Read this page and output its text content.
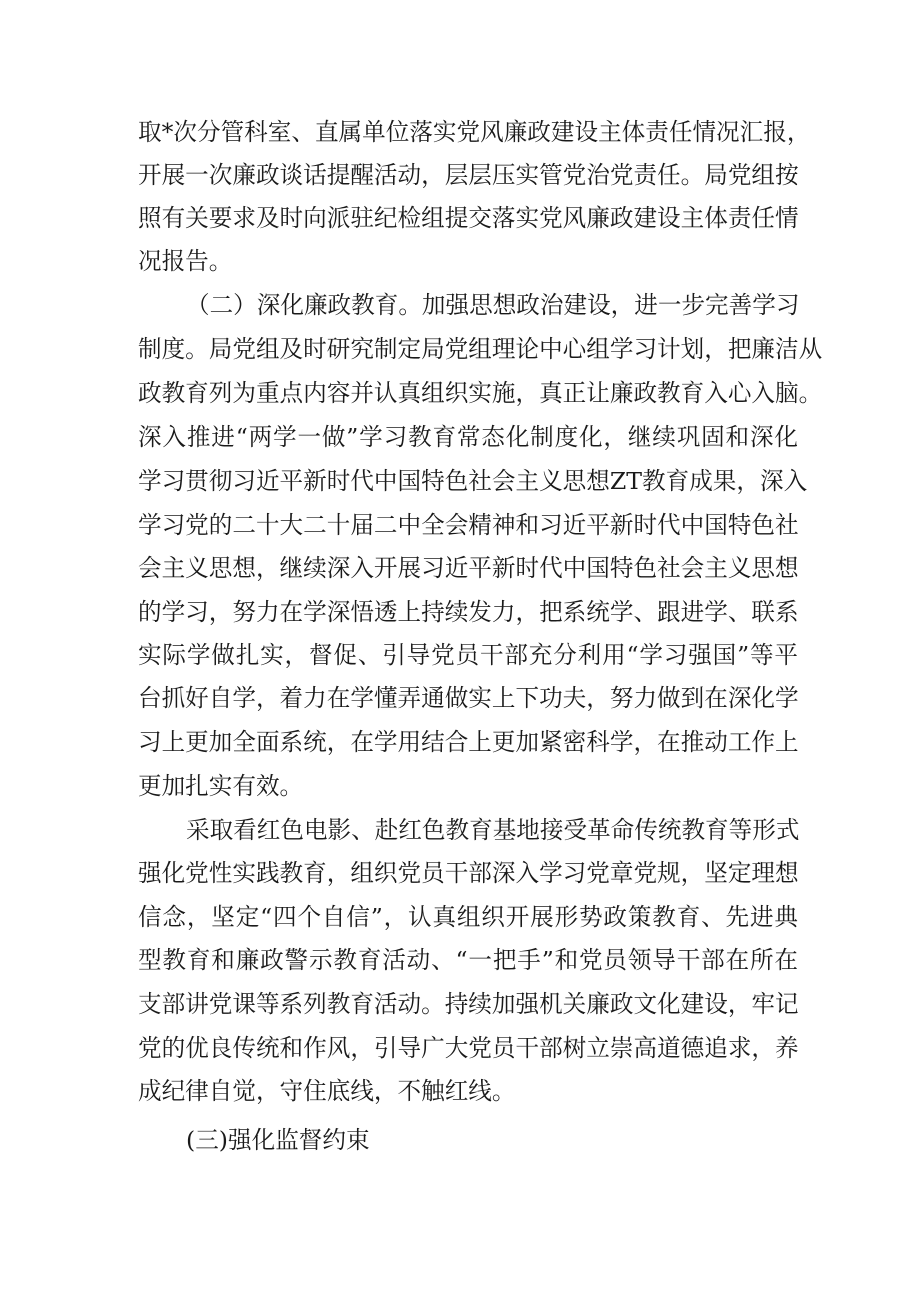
取*次分管科室、直属单位落实党风廉政建设主体责任情况汇报，
开展一次廉政谈话提醒活动，层层压实管党治党责任。局党组按
照有关要求及时向派驻纪检组提交落实党风廉政建设主体责任情
况报告。
（二）深化廉政教育。加强思想政治建设，进一步完善学习
制度。局党组及时研究制定局党组理论中心组学习计划，把廉洁从
政教育列为重点内容并认真组织实施，真正让廉政教育入心入脑。
深入推进“两学一做”学习教育常态化制度化，继续巩固和深化
学习贯彻习近平新时代中国特色社会主义思想ZT教育成果，深入
学习党的二十大二十届二中全会精神和习近平新时代中国特色社
会主义思想，继续深入开展习近平新时代中国特色社会主义思想
的学习，努力在学深悟透上持续发力，把系统学、跟进学、联系
实际学做扎实，督促、引导党员干部充分利用“学习强国”等平
台抓好自学，着力在学懂弄通做实上下功夫，努力做到在深化学
习上更加全面系统，在学用结合上更加紧密科学，在推动工作上
更加扎实有效。
采取看红色电影、赴红色教育基地接受革命传统教育等形式
强化党性实践教育，组织党员干部深入学习党章党规，坚定理想
信念，坚定“四个自信”，认真组织开展形势政策教育、先进典
型教育和廉政警示教育活动、“一把手”和党员领导干部在所在
支部讲党课等系列教育活动。持续加强机关廉政文化建设，牢记
党的优良传统和作风，引导广大党员干部树立崇高道德追求，养
成纪律自觉，守住底线，不触红线。
(三)强化监督约束
